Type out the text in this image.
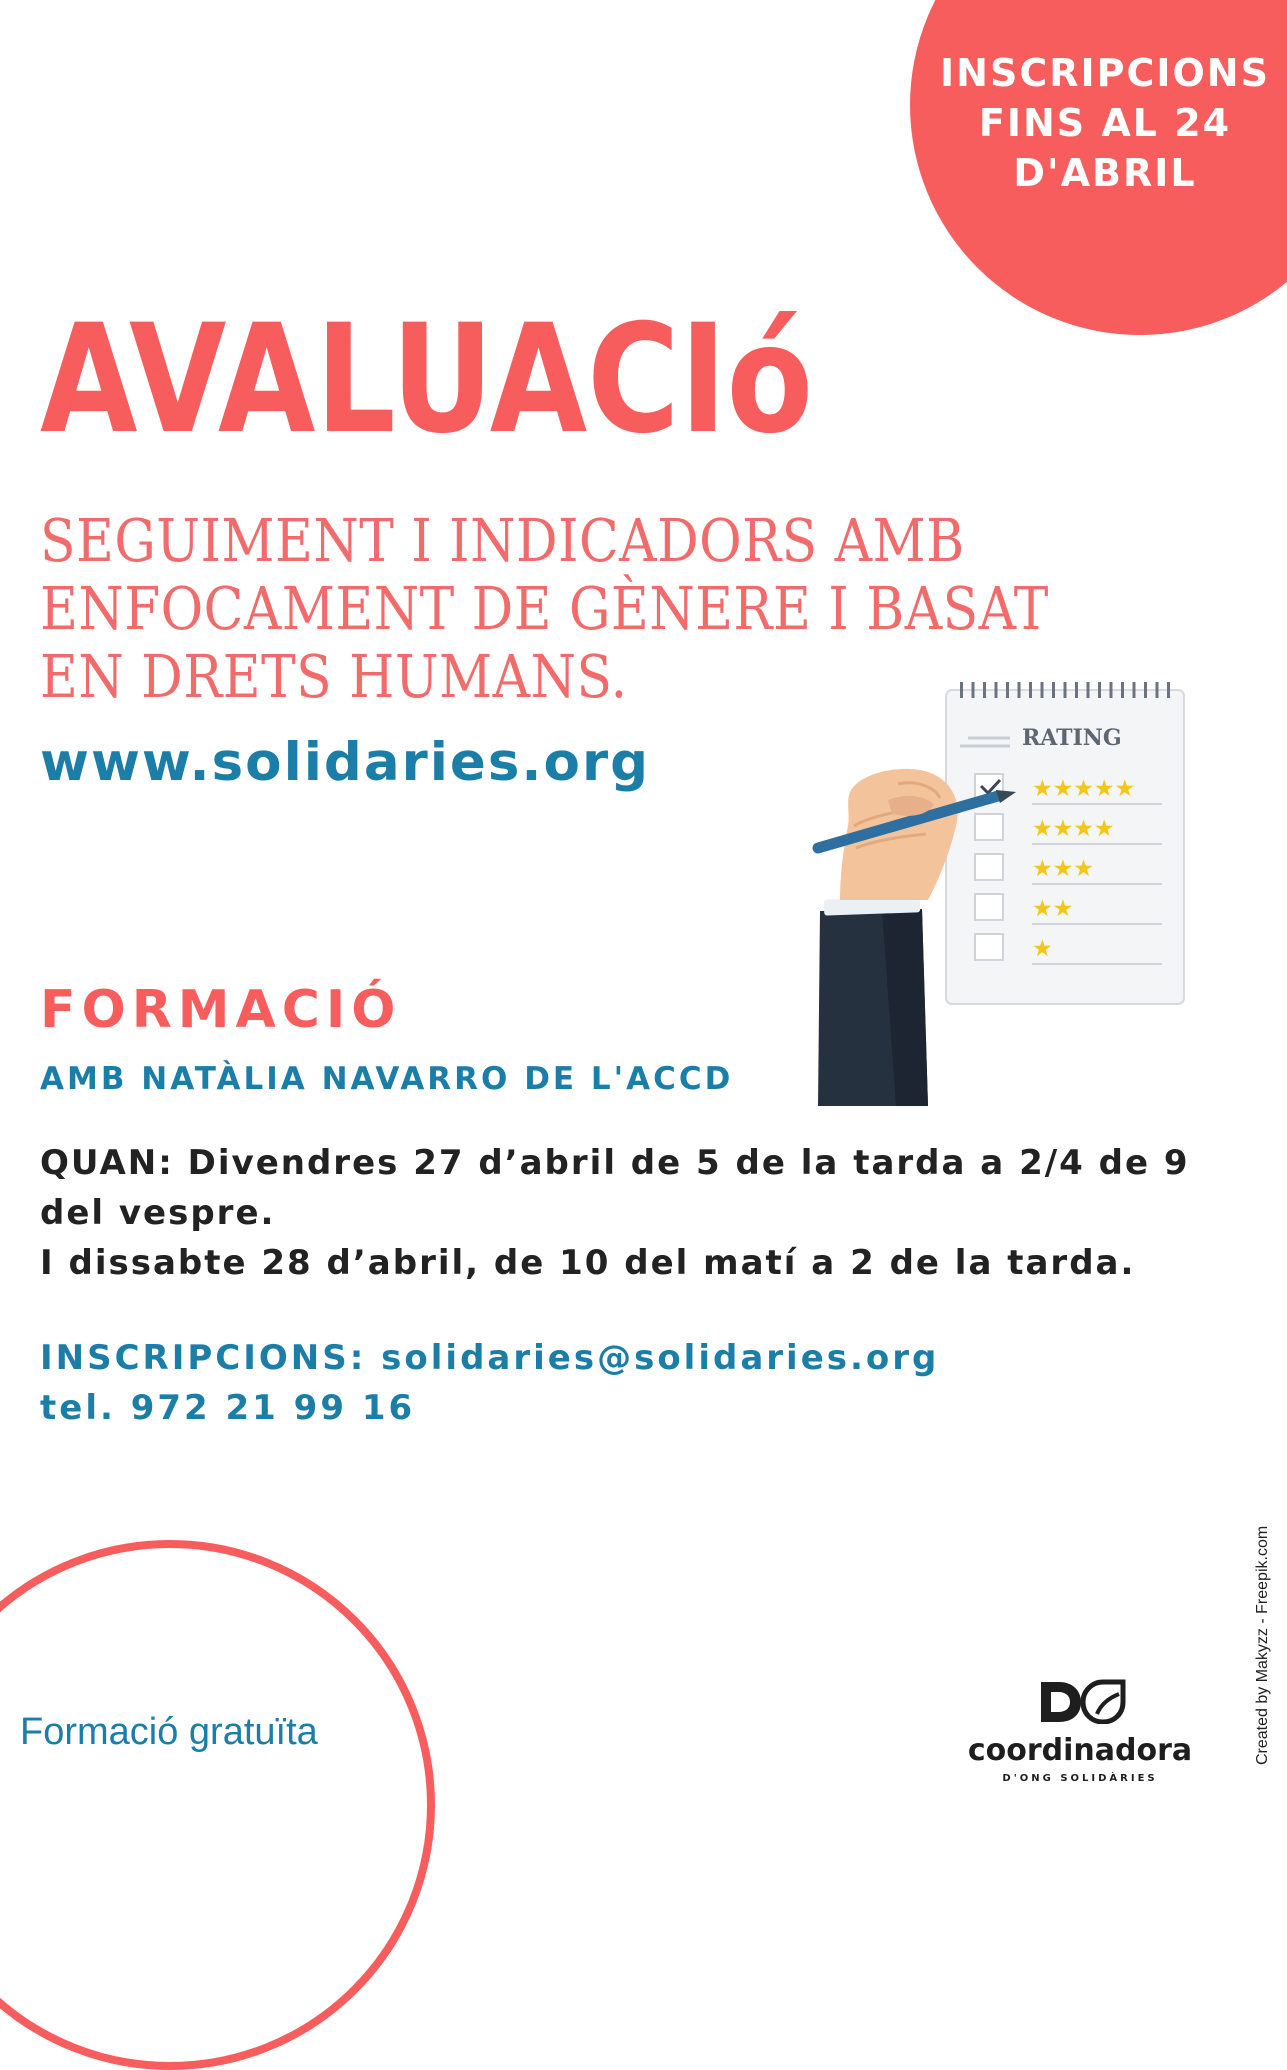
INSCRIPCIONS
FINS AL 24
D'ABRIL
AVALUACIó
SEGUIMENT I INDICADORS AMB
ENFOCAMENT DE GÈNERE I BASAT
EN DRETS HUMANS.
www.solidaries.org	RATING
★★★★★
★★★★
★★★
★★
★
FORMACIÓ
AMB NATÀLIA NAVARRO DE L'ACCD
QUAN: Divendres 27 d’abril de 5 de la tarda a 2/4 de 9
del vespre.
I dissabte 28 d’abril, de 10 del matí a 2 de la tarda.
INSCRIPCIONS: solidaries@solidaries.org
tel. 972 21 99 16
Formació gratuïta	coordinadora
D'ONG SOLIDÀRIES
Created by Makyzz - Freepik.com
